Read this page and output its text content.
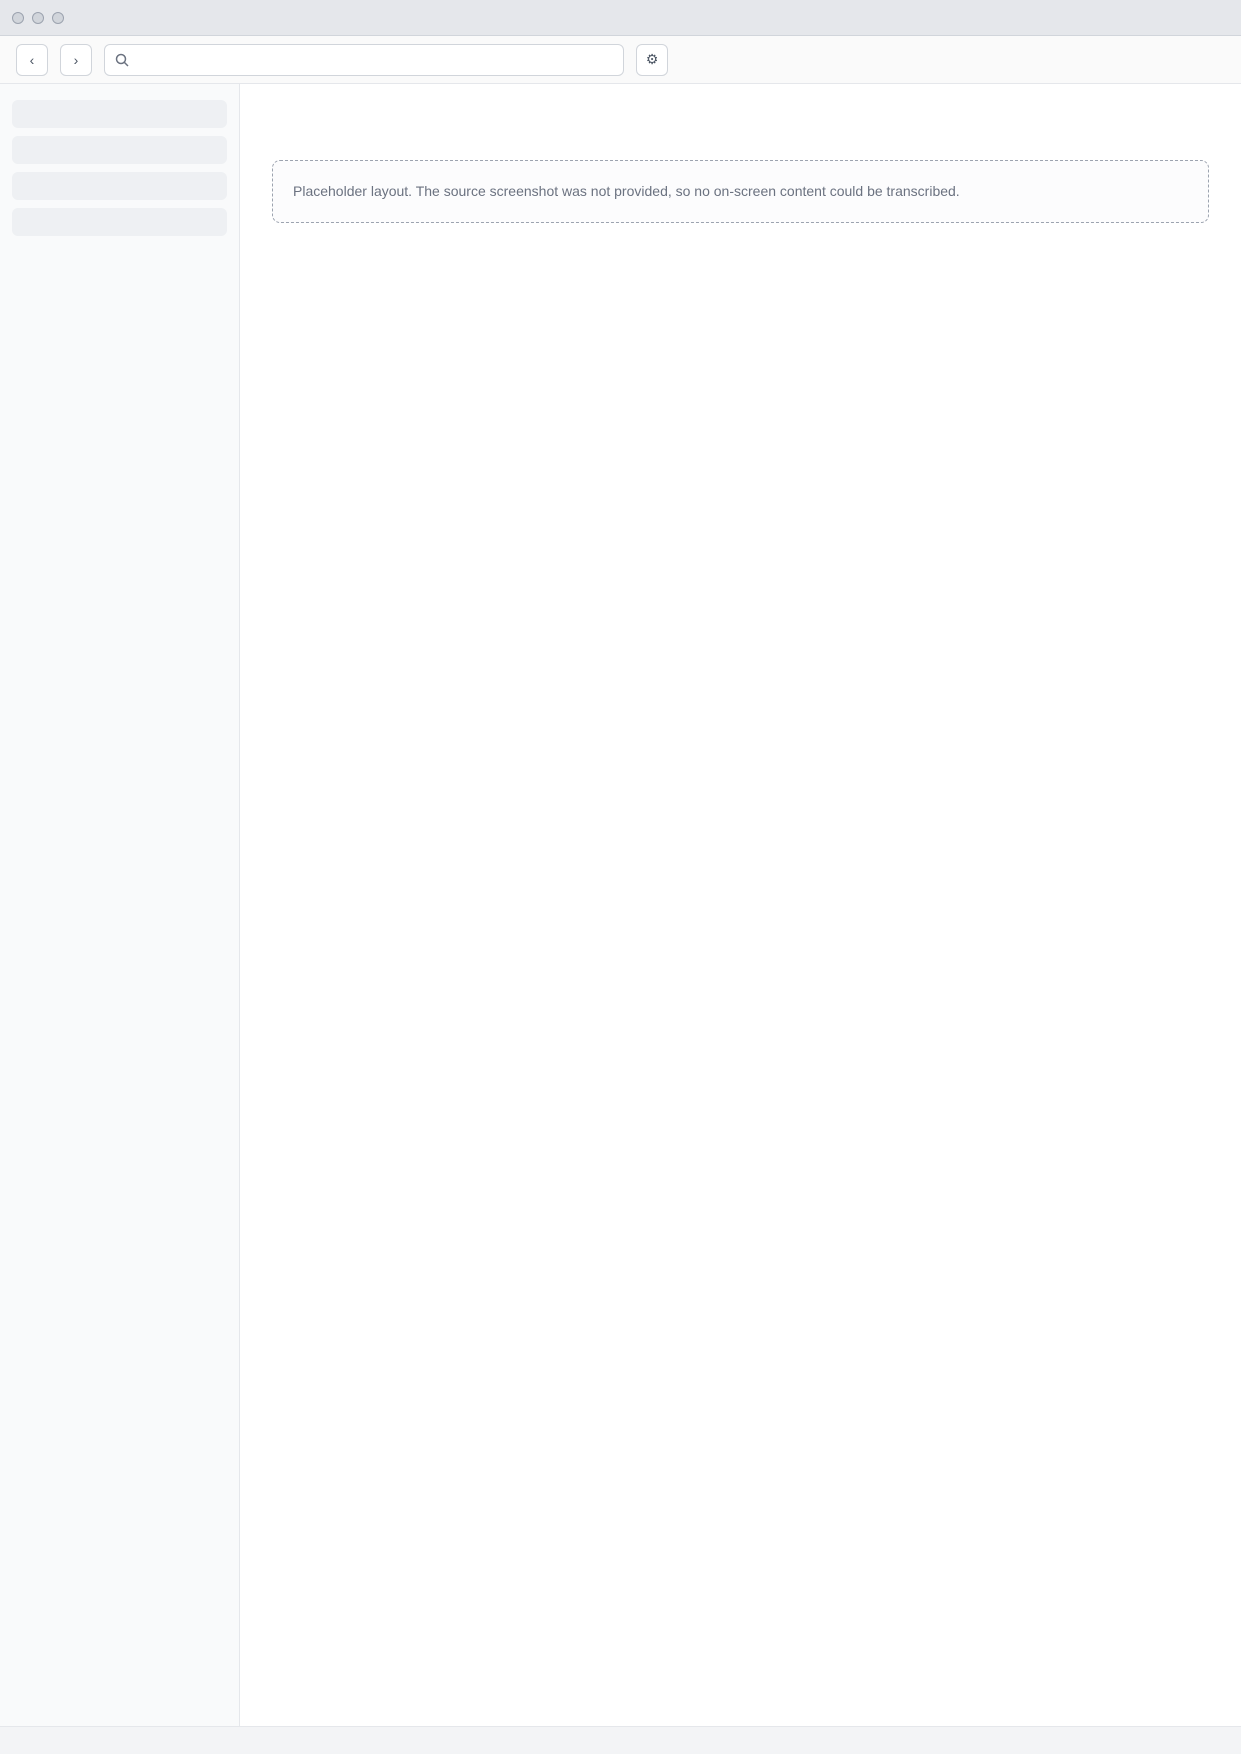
‹	›	⚙
Placeholder layout. The source screenshot was not provided, so no on-screen content could be transcribed.
